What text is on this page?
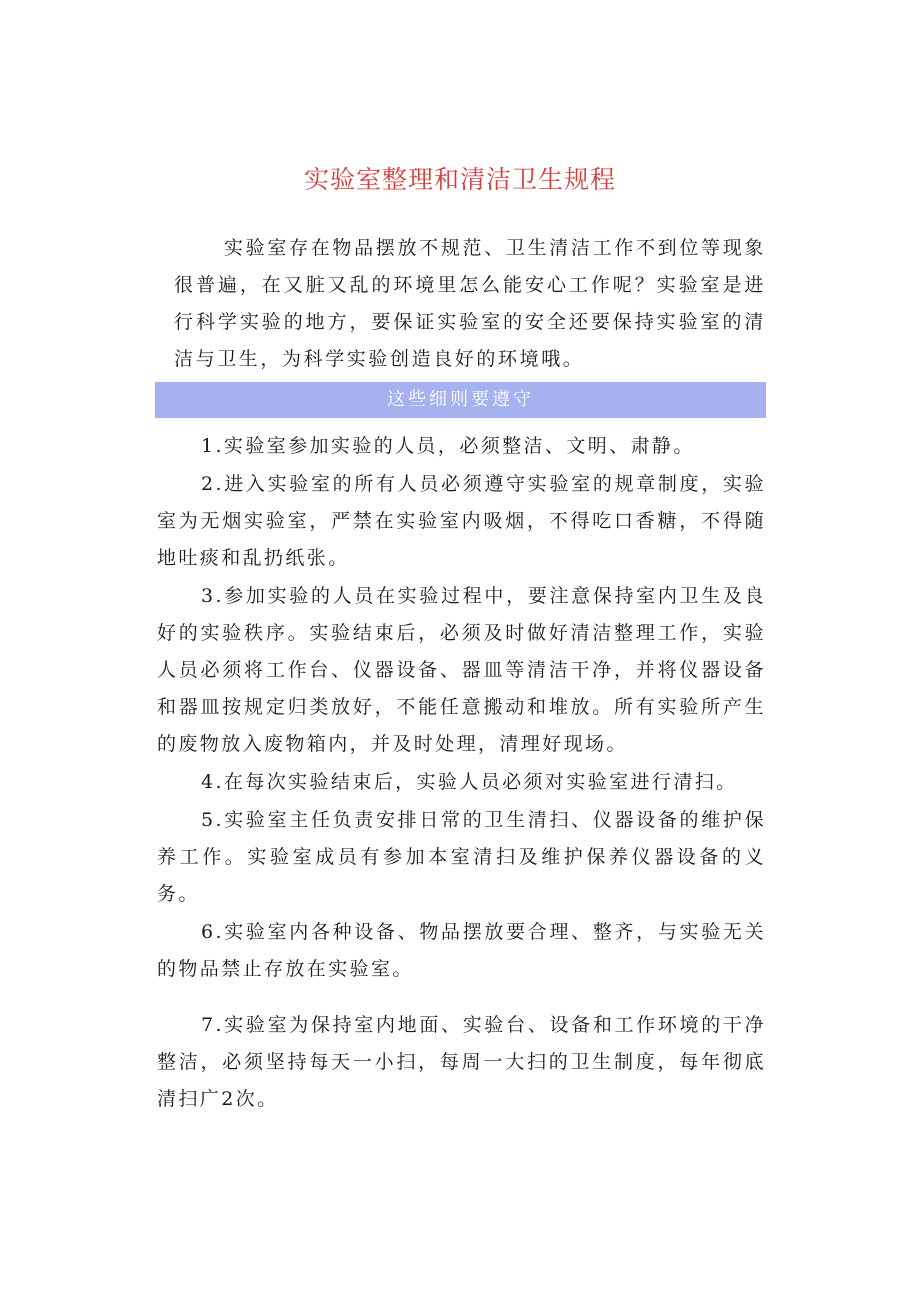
实验室整理和清洁卫生规程

实验室存在物品摆放不规范、卫生清洁工作不到位等现象很普遍，在又脏又乱的环境里怎么能安心工作呢？实验室是进行科学实验的地方，要保证实验室的安全还要保持实验室的清洁与卫生，为科学实验创造良好的环境哦。

这些细则要遵守
1.实验室参加实验的人员，必须整洁、文明、肃静。
2.进入实验室的所有人员必须遵守实验室的规章制度，实验室为无烟实验室，严禁在实验室内吸烟，不得吃口香糖，不得随地吐痰和乱扔纸张。
3.参加实验的人员在实验过程中，要注意保持室内卫生及良好的实验秩序。实验结束后，必须及时做好清洁整理工作，实验人员必须将工作台、仪器设备、器皿等清洁干净，并将仪器设备和器皿按规定归类放好，不能任意搬动和堆放。所有实验所产生的废物放入废物箱内，并及时处理，清理好现场。
4.在每次实验结束后，实验人员必须对实验室进行清扫。
5.实验室主任负责安排日常的卫生清扫、仪器设备的维护保养工作。实验室成员有参加本室清扫及维护保养仪器设备的义务。
6.实验室内各种设备、物品摆放要合理、整齐，与实验无关的物品禁止存放在实验室。
7.实验室为保持室内地面、实验台、设备和工作环境的干净整洁，必须坚持每天一小扫，每周一大扫的卫生制度，每年彻底清扫广2次。
